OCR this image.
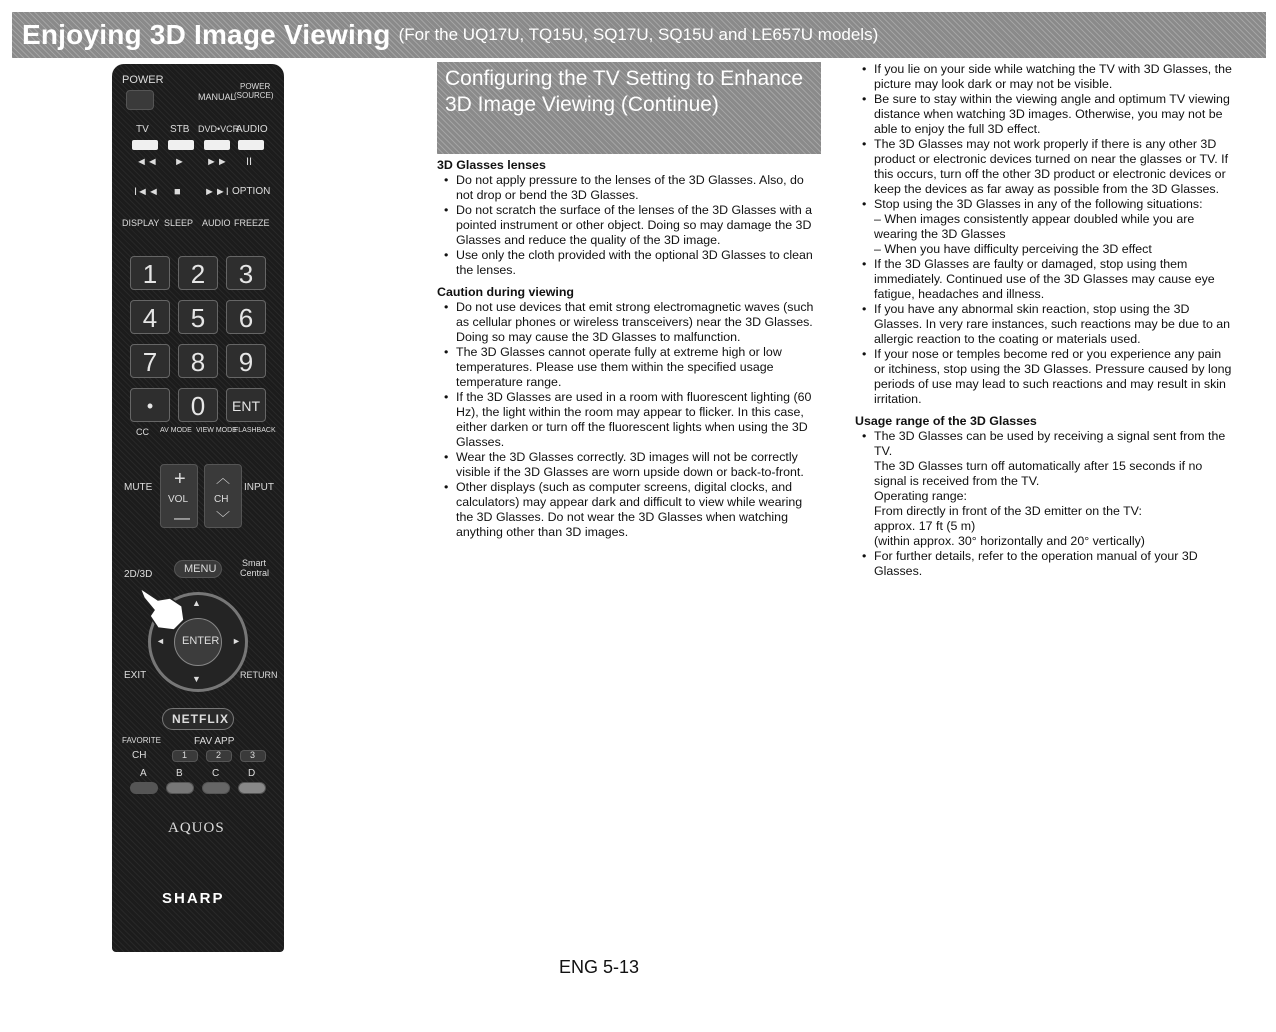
Enjoying 3D Image Viewing (For the UQ17U, TQ15U, SQ17U, SQ15U and LE657U models)
POWER
MANUAL
POWER
(SOURCE)
TV STB DVD•VCR
AUDIO
◄◄ ► ►► II
I◄◄ ■ ►►I OPTION
DISPLAY SLEEP AUDIO FREEZE
1	2	3
4	5	6
7	8	9
•	0	ENT
CC AV MODE VIEW MODE
FLASHBACK
MUTE +
VOL
—
︿
CH
﹀
INPUT
2D/3D	MENU	Smart
Central
ENTER
▲
▼
◄	►
EXIT	RETURN
NETFLIX
FAVORITE
CH
FAV APP
1	2	3
A	B	C	D
AQUOS
SHARP
Configuring the TV Setting to Enhance 3D Image Viewing (Continue)
3D Glasses lenses
• Do not apply pressure to the lenses of the 3D Glasses. Also, do not drop or bend the 3D Glasses.
• Do not scratch the surface of the lenses of the 3D Glasses with a pointed instrument or other object. Doing so may damage the 3D Glasses and reduce the quality of the 3D image.
• Use only the cloth provided with the optional 3D Glasses to clean the lenses.
Caution during viewing
• Do not use devices that emit strong electromagnetic waves (such as cellular phones or wireless transceivers) near the 3D Glasses. Doing so may cause the 3D Glasses to malfunction.
• The 3D Glasses cannot operate fully at extreme high or low temperatures. Please use them within the specified usage temperature range.
• If the 3D Glasses are used in a room with fluorescent lighting (60 Hz), the light within the room may appear to flicker. In this case, either darken or turn off the fluorescent lights when using the 3D Glasses.
• Wear the 3D Glasses correctly. 3D images will not be correctly visible if the 3D Glasses are worn upside down or back-to-front.
• Other displays (such as computer screens, digital clocks, and calculators) may appear dark and difficult to view while wearing the 3D Glasses. Do not wear the 3D Glasses when watching anything other than 3D images.
• If you lie on your side while watching the TV with 3D Glasses, the picture may look dark or may not be visible.
• Be sure to stay within the viewing angle and optimum TV viewing distance when watching 3D images. Otherwise, you may not be able to enjoy the full 3D effect.
• The 3D Glasses may not work properly if there is any other 3D product or electronic devices turned on near the glasses or TV. If this occurs, turn off the other 3D product or electronic devices or keep the devices as far away as possible from the 3D Glasses.
• Stop using the 3D Glasses in any of the following situations:
– When images consistently appear doubled while you are wearing the 3D Glasses
– When you have difficulty perceiving the 3D effect
• If the 3D Glasses are faulty or damaged, stop using them immediately. Continued use of the 3D Glasses may cause eye fatigue, headaches and illness.
• If you have any abnormal skin reaction, stop using the 3D Glasses. In very rare instances, such reactions may be due to an allergic reaction to the coating or materials used.
• If your nose or temples become red or you experience any pain or itchiness, stop using the 3D Glasses. Pressure caused by long periods of use may lead to such reactions and may result in skin irritation.
Usage range of the 3D Glasses
• The 3D Glasses can be used by receiving a signal sent from the TV.
The 3D Glasses turn off automatically after 15 seconds if no signal is received from the TV.
Operating range:
From directly in front of the 3D emitter on the TV:
approx. 17 ft (5 m)
(within approx. 30° horizontally and 20° vertically)
• For further details, refer to the operation manual of your 3D Glasses.
ENG 5-13
